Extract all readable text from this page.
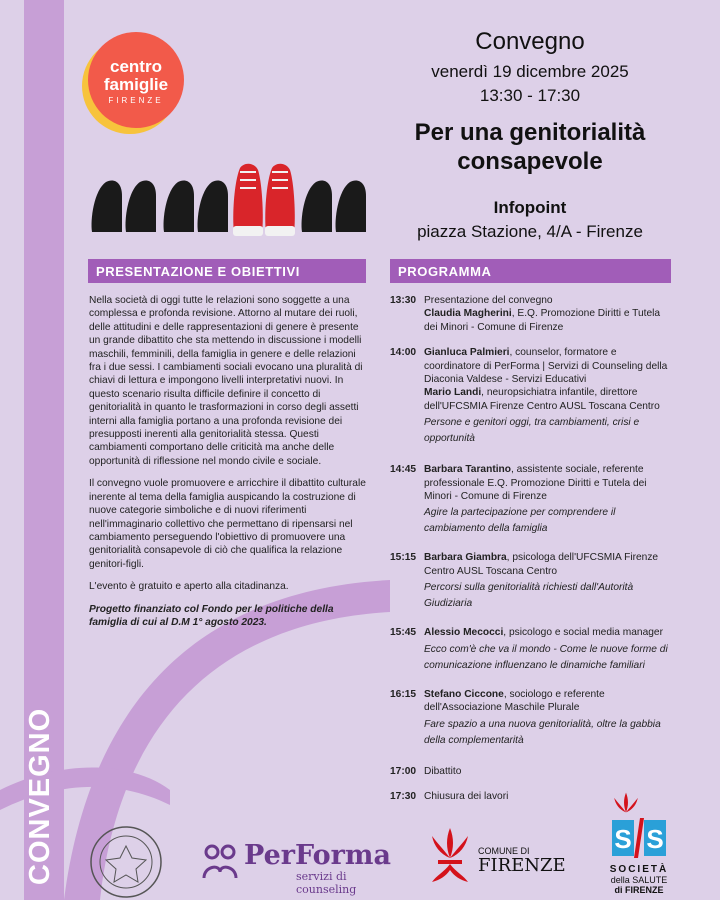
CONVEGNO
centro
famiglie
FIRENZE
Convegno
venerdì 19 dicembre 2025
13:30 - 17:30
Per una genitorialità
consapevole
Infopoint
piazza Stazione, 4/A - Firenze
PRESENTAZIONE E OBIETTIVI	PROGRAMMA

Nella società di oggi tutte le relazioni sono soggette a una complessa e profonda revisione. Attorno al mutare dei ruoli, delle attitudini e delle rappresentazioni di genere è presente un grande dibattito che sta mettendo in discussione i modelli maschili, femminili, della famiglia in genere e delle relazioni fra i due sessi. I cambiamenti sociali evocano una pluralità di chiavi di lettura e impongono livelli interpretativi nuovi. In questo scenario risulta difficile definire il concetto di genitorialità in quanto le trasformazioni in corso degli assetti interni alla famiglia portano a una profonda revisione dei presupposti inerenti alla genitorialità stessa. Questi cambiamenti comportano delle criticità ma anche delle opportunità di riflessione nel mondo civile e sociale.

Il convegno vuole promuovere e arricchire il dibattito culturale inerente al tema della famiglia auspicando la costruzione di nuove categorie simboliche e di nuovi riferimenti nell'immaginario collettivo che permettano di ripensarsi nel cambiamento perseguendo l'obiettivo di promuovere una genitorialità consapevole di ciò che qualifica la relazione genitori-figli.

L'evento è gratuito e aperto alla citadinanza.

Progetto finanziato col Fondo per le politiche della famiglia di cui al D.M 1° agosto 2023.

13:30 Presentazione del convegno
Claudia Magherini, E.Q. Promozione Diritti e Tutela dei Minori - Comune di Firenze
14:00 Gianluca Palmieri, counselor, formatore e coordinatore di PerForma | Servizi di Counseling della Diaconia Valdese - Servizi Educativi
Mario Landi, neuropsichiatra infantile, direttore dell'UFCSMIA Firenze Centro AUSL Toscana Centro
Persone e genitori oggi, tra cambiamenti, crisi e opportunità
14:45 Barbara Tarantino, assistente sociale, referente professionale E.Q. Promozione Diritti e Tutela dei Minori - Comune di Firenze
Agire la partecipazione per comprendere il cambiamento della famiglia
15:15 Barbara Giambra, psicologa dell'UFCSMIA Firenze Centro AUSL Toscana Centro
Percorsi sulla genitorialità richiesti dall'Autorità Giudiziaria
15:45 Alessio Mecocci, psicologo e social media manager
Ecco com'è che va il mondo - Come le nuove forme di comunicazione influenzano le dinamiche familiari
16:15 Stefano Ciccone, sociologo e referente dell'Associazione Maschile Plurale
Fare spazio a una nuova genitorialità, oltre la gabbia della complementarità
17:00 Dibattito
17:30 Chiusura dei lavori
PerForma
servizi di counseling
COMUNE DI
FIRENZE
S S
SOCIETÀ
della SALUTE
di FIRENZE
